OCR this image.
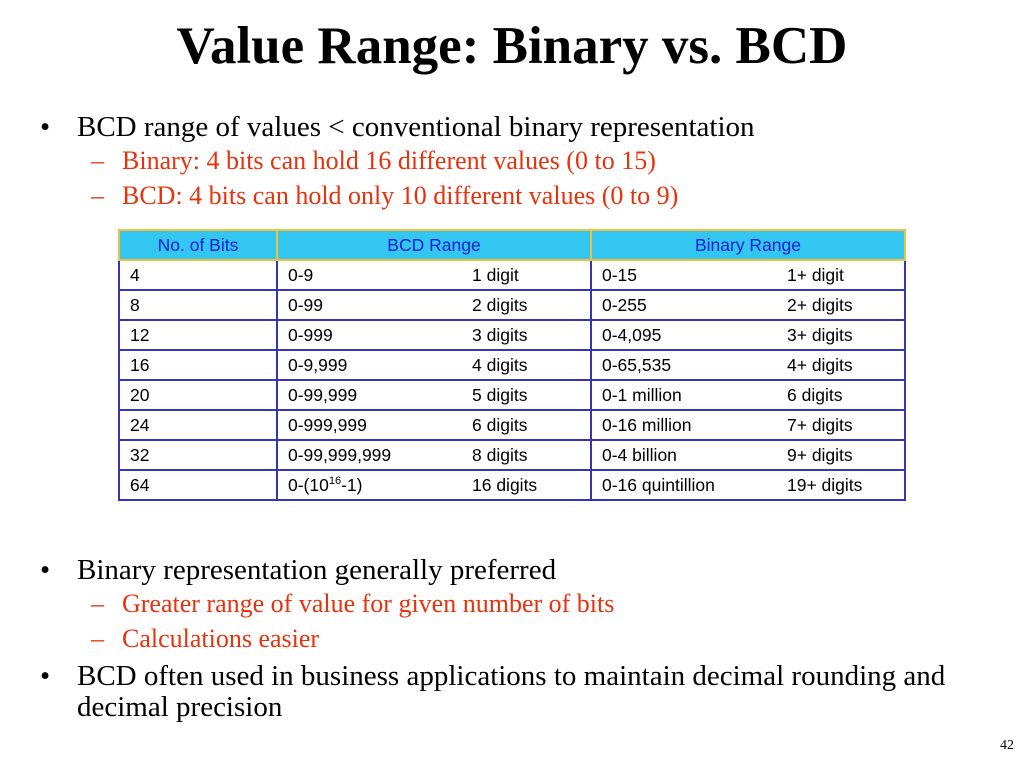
Value Range: Binary vs. BCD
• BCD range of values < conventional binary representation
– Binary: 4 bits can hold 16 different values (0 to 15)
– BCD: 4 bits can hold only 10 different values (0 to 9)
No. of Bits	BCD Range		Binary Range	
4	0-9	1 digit	0-15	1+ digit
8	0-99	2 digits	0-255	2+ digits
12	0-999	3 digits	0-4,095	3+ digits
16	0-9,999	4 digits	0-65,535	4+ digits
20	0-99,999	5 digits	0-1 million	6 digits
24	0-999,999	6 digits	0-16 million	7+ digits
32	0-99,999,999	8 digits	0-4 billion	9+ digits
64	$0-(10^{16}-1)$	16 digits	0-16 quintillion	19+ digits
• Binary representation generally preferred
– Greater range of value for given number of bits
– Calculations easier
• BCD often used in business applications to maintain decimal rounding and decimal precision
42
